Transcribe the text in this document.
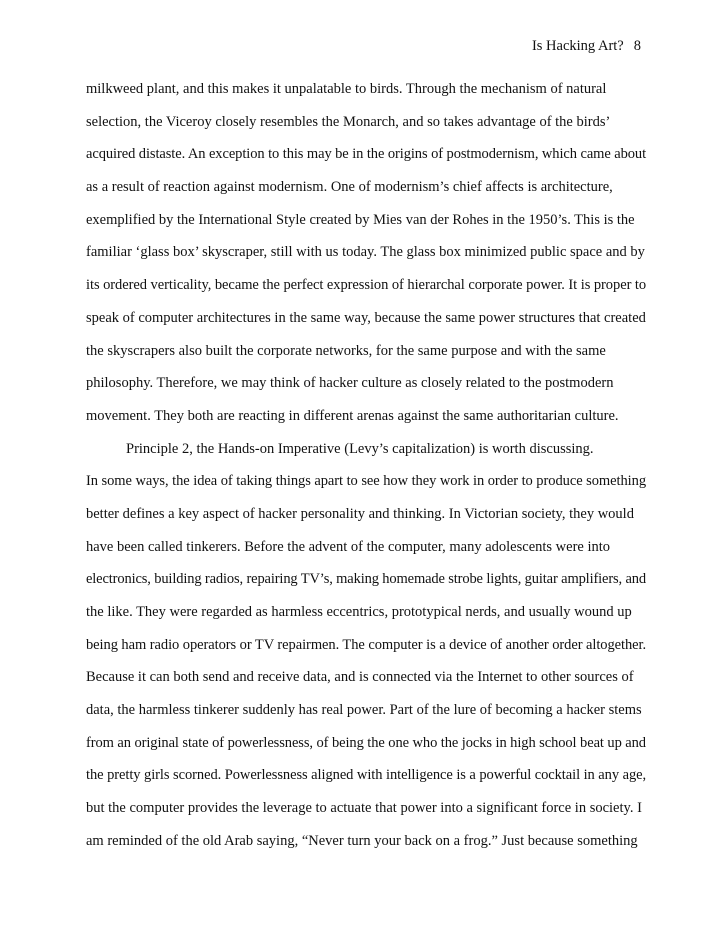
Is Hacking Art? 8
milkweed plant, and this makes it unpalatable to birds. Through the mechanism of natural
selection, the Viceroy closely resembles the Monarch, and so takes advantage of the birds’
acquired distaste. An exception to this may be in the origins of postmodernism, which came about
as a result of reaction against modernism. One of modernism’s chief affects is architecture,
exemplified by the International Style created by Mies van der Rohes in the 1950’s. This is the
familiar ‘glass box’ skyscraper, still with us today. The glass box minimized public space and by
its ordered verticality, became the perfect expression of hierarchal corporate power. It is proper to
speak of computer architectures in the same way, because the same power structures that created
the skyscrapers also built the corporate networks, for the same purpose and with the same
philosophy. Therefore, we may think of hacker culture as closely related to the postmodern
movement. They both are reacting in different arenas against the same authoritarian culture.
Principle 2, the Hands-on Imperative (Levy’s capitalization) is worth discussing.
In some ways, the idea of taking things apart to see how they work in order to produce something
better defines a key aspect of hacker personality and thinking. In Victorian society, they would
have been called tinkerers. Before the advent of the computer, many adolescents were into
electronics, building radios, repairing TV’s, making homemade strobe lights, guitar amplifiers, and
the like. They were regarded as harmless eccentrics, prototypical nerds, and usually wound up
being ham radio operators or TV repairmen. The computer is a device of another order altogether.
Because it can both send and receive data, and is connected via the Internet to other sources of
data, the harmless tinkerer suddenly has real power. Part of the lure of becoming a hacker stems
from an original state of powerlessness, of being the one who the jocks in high school beat up and
the pretty girls scorned. Powerlessness aligned with intelligence is a powerful cocktail in any age,
but the computer provides the leverage to actuate that power into a significant force in society. I
am reminded of the old Arab saying, “Never turn your back on a frog.” Just because something
